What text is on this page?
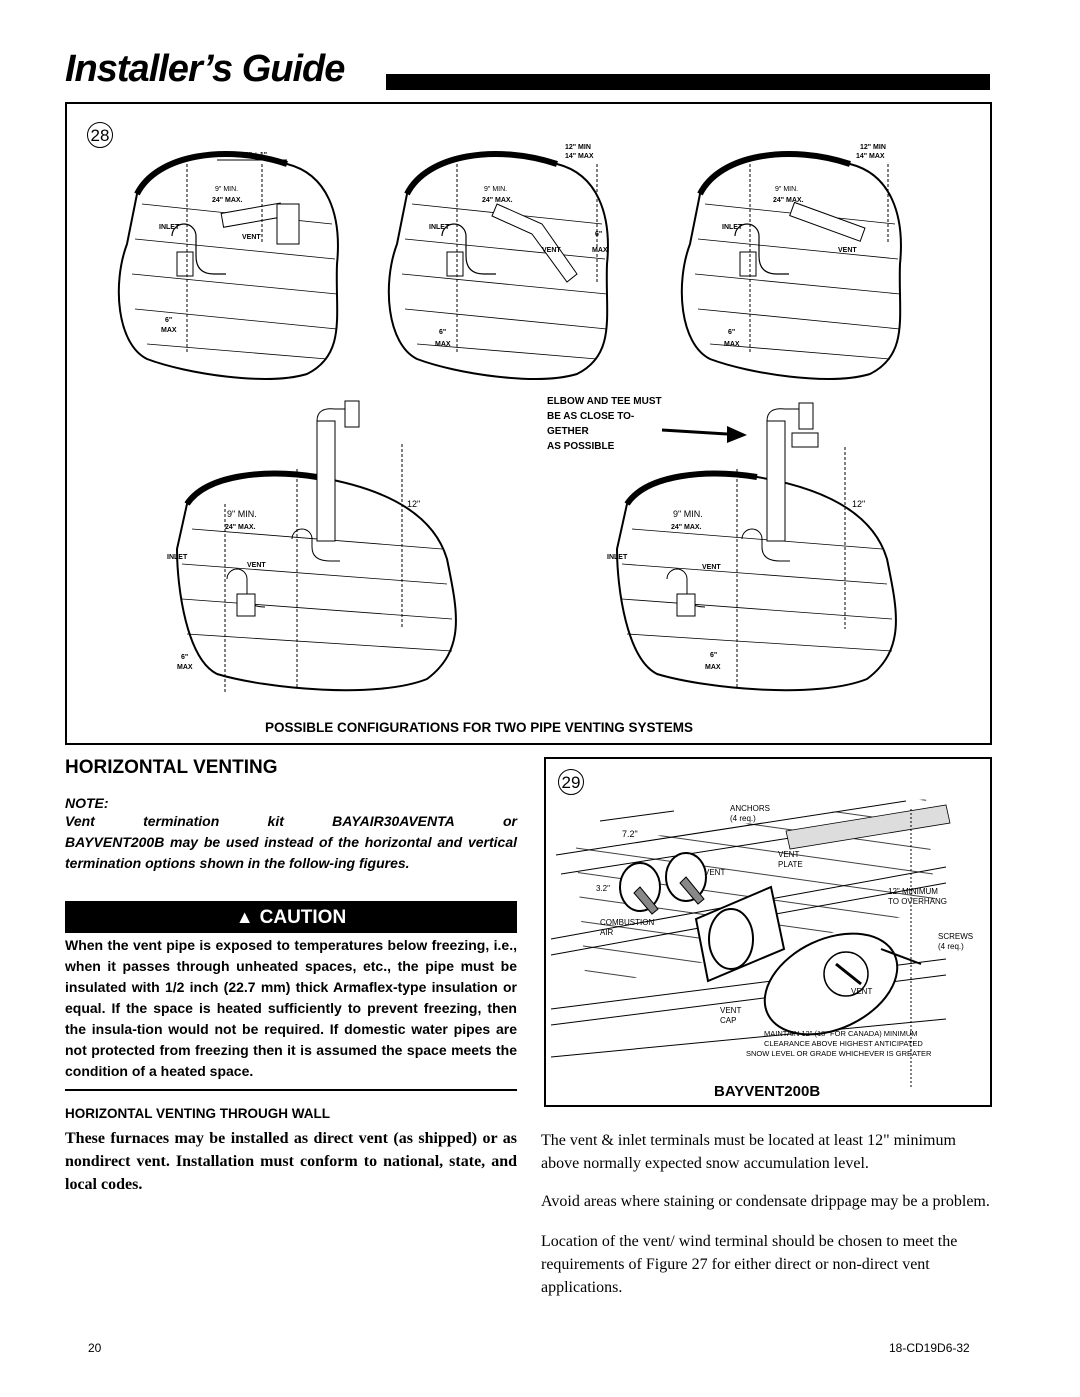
Installer’s Guide
28
10" ± 1"
9" MIN.
24" MAX.
INLET
VENT
6"
MAX
12" MIN
14" MAX
9" MIN.
24" MAX.
INLET
VENT
6"
MAX
6"
MAX
12" MIN
14" MAX
9" MIN.
24" MAX.
INLET
VENT
6"
MAX
12"
9" MIN.
24" MAX.
INLET
VENT
6"
MAX
12"
9" MIN.
24" MAX.
INLET
VENT
6"
MAX
ELBOW AND TEE MUST
BE AS CLOSE TO-
GETHER
AS POSSIBLE
POSSIBLE CONFIGURATIONS FOR TWO PIPE VENTING SYSTEMS
HORIZONTAL VENTING
NOTE:
Vent	termination	kit	BAYAIR30AVENTA	or
BAYVENT200B may be used instead of the horizontal and vertical termination options shown in the follow-ing figures.
▲ CAUTION
When the vent pipe is exposed to temperatures below freezing, i.e., when it passes through unheated spaces, etc., the pipe must be insulated with 1/2 inch (22.7 mm) thick Armaflex-type insulation or equal. If the space is heated sufficiently to prevent freezing, then the insula-tion would not be required. If domestic water pipes are not protected from freezing then it is assumed the space meets the condition of a heated space.
HORIZONTAL VENTING THROUGH WALL
These furnaces may be installed as direct vent (as shipped) or as nondirect vent. Installation must conform to national, state, and local codes.
29
ANCHORS
(4 req.)
7.2"
3.2"
VENT
PLATE
VENT
COMBUSTION
AIR
12" MINIMUM
TO OVERHANG
SCREWS
(4 req.)
VENT
VENT
CAP
MAINTAIN 12" (18" FOR CANADA) MINIMUM
CLEARANCE ABOVE HIGHEST ANTICIPATED
SNOW LEVEL OR GRADE WHICHEVER IS GREATER
BAYVENT200B
The vent & inlet terminals must be located at least 12" minimum above normally expected snow accumulation level.
Avoid areas where staining or condensate drippage may be a problem.
Location of the vent/ wind terminal should be chosen to meet the requirements of Figure 27 for either direct or non-direct vent applications.
20	18-CD19D6-32
